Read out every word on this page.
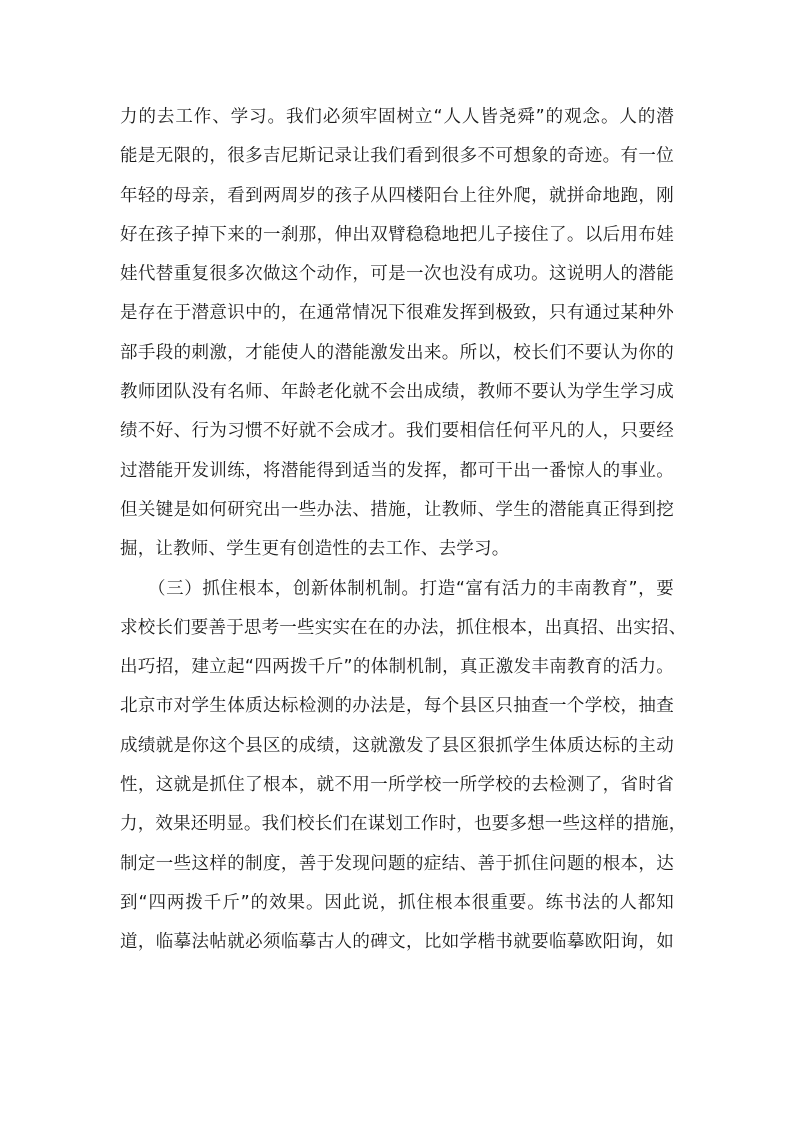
力的去工作、学习。我们必须牢固树立“人人皆尧舜”的观念。人的潜
能是无限的，很多吉尼斯记录让我们看到很多不可想象的奇迹。有一位
年轻的母亲，看到两周岁的孩子从四楼阳台上往外爬，就拼命地跑，刚
好在孩子掉下来的一刹那，伸出双臂稳稳地把儿子接住了。以后用布娃
娃代替重复很多次做这个动作，可是一次也没有成功。这说明人的潜能
是存在于潜意识中的，在通常情况下很难发挥到极致，只有通过某种外
部手段的刺激，才能使人的潜能激发出来。所以，校长们不要认为你的
教师团队没有名师、年龄老化就不会出成绩，教师不要认为学生学习成
绩不好、行为习惯不好就不会成才。我们要相信任何平凡的人，只要经
过潜能开发训练，将潜能得到适当的发挥，都可干出一番惊人的事业。
但关键是如何研究出一些办法、措施，让教师、学生的潜能真正得到挖
掘，让教师、学生更有创造性的去工作、去学习。
（三）抓住根本，创新体制机制。打造“富有活力的丰南教育”，要
求校长们要善于思考一些实实在在的办法，抓住根本，出真招、出实招、
出巧招，建立起“四两拨千斤”的体制机制，真正激发丰南教育的活力。
北京市对学生体质达标检测的办法是，每个县区只抽查一个学校，抽查
成绩就是你这个县区的成绩，这就激发了县区狠抓学生体质达标的主动
性，这就是抓住了根本，就不用一所学校一所学校的去检测了，省时省
力，效果还明显。我们校长们在谋划工作时，也要多想一些这样的措施，
制定一些这样的制度，善于发现问题的症结、善于抓住问题的根本，达
到“四两拨千斤”的效果。因此说，抓住根本很重要。练书法的人都知
道，临摹法帖就必须临摹古人的碑文，比如学楷书就要临摹欧阳询，如
